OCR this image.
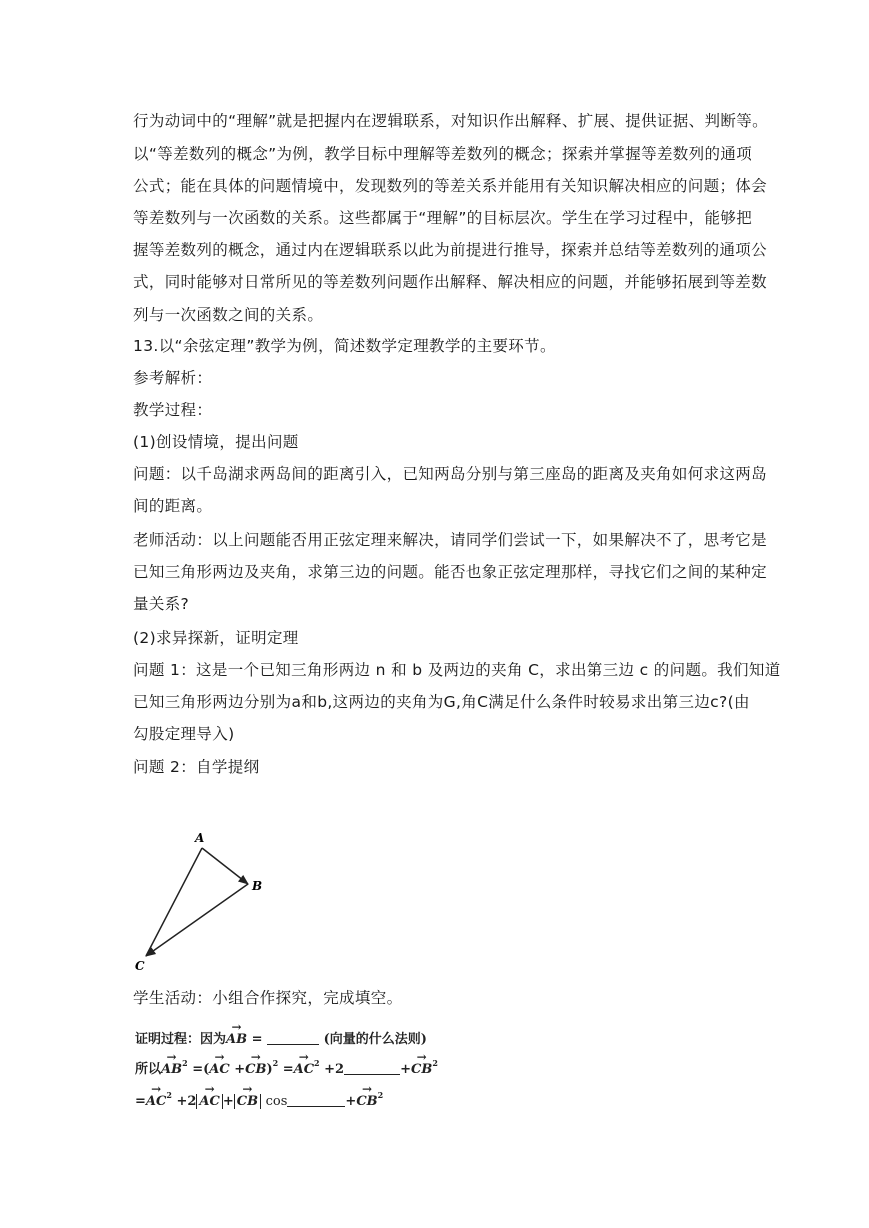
行为动词中的“理解”就是把握内在逻辑联系，对知识作出解释、扩展、提供证据、判断等。

以“等差数列的概念”为例，教学目标中理解等差数列的概念；探索并掌握等差数列的通项

公式；能在具体的问题情境中，发现数列的等差关系并能用有关知识解决相应的问题；体会

等差数列与一次函数的关系。这些都属于“理解”的目标层次。学生在学习过程中，能够把

握等差数列的概念，通过内在逻辑联系以此为前提进行推导，探索并总结等差数列的通项公

式，同时能够对日常所见的等差数列问题作出解释、解决相应的问题，并能够拓展到等差数

列与一次函数之间的关系。

13.以“余弦定理”教学为例，简述数学定理教学的主要环节。

参考解析：

教学过程：

(1)创设情境，提出问题

问题：以千岛湖求两岛间的距离引入，已知两岛分别与第三座岛的距离及夹角如何求这两岛

间的距离。

老师活动：以上问题能否用正弦定理来解决，请同学们尝试一下，如果解决不了，思考它是

已知三角形两边及夹角，求第三边的问题。能否也象正弦定理那样，寻找它们之间的某种定

量关系?

(2)求异探新，证明定理

问题 1：这是一个已知三角形两边 n 和 b 及两边的夹角 C，求出第三边 c 的问题。我们知道

已知三角形两边分别为a和b,这两边的夹角为G,角C满足什么条件时较易求出第三边c?(由

勾股定理导入)

问题 2：自学提纲

A
B
C

学生活动：小组合作探究，完成填空。

证明过程：因为→ AB =	(向量的什么法则)
所以→ $AB^2$ =(→ AC +→ $CB)^2 =\to AC^2 +2$	+→ $CB^2$
=→ $AC^2 +2\to$ AC +→ CB cos	+→ $CB^2$
